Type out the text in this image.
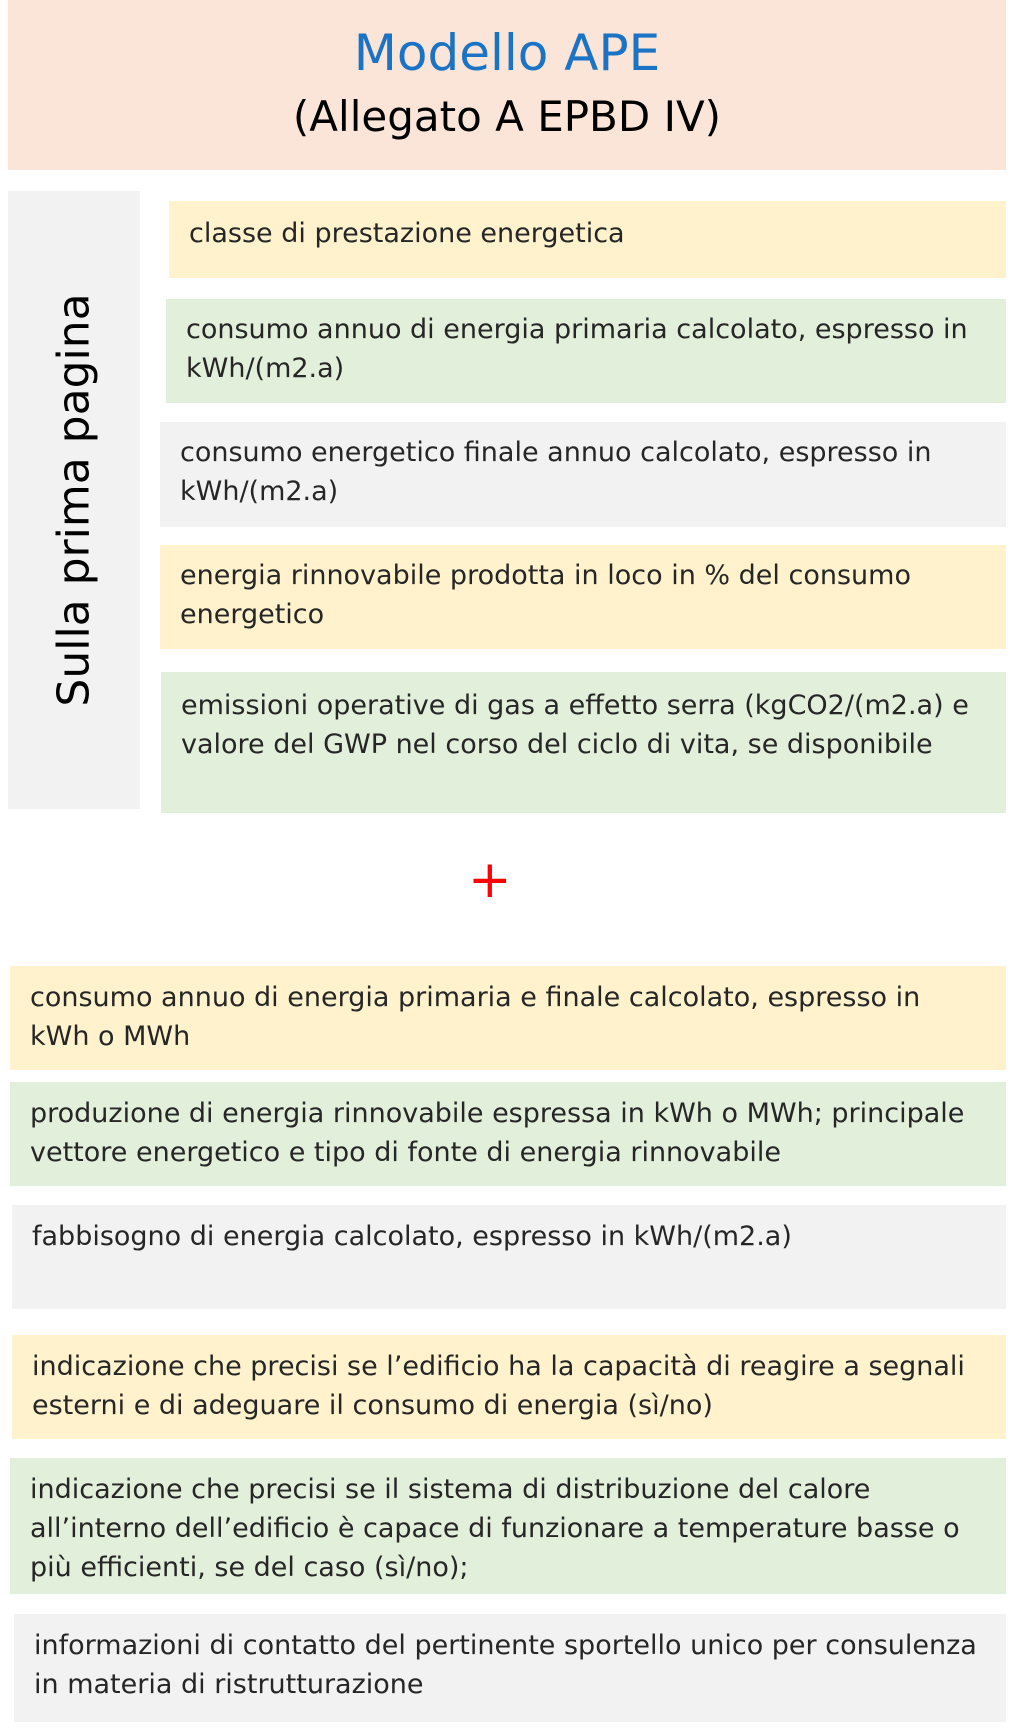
Modello APE
(Allegato A EPBD IV)
Sulla prima pagina
classe di prestazione energetica
consumo annuo di energia primaria calcolato, espresso in kWh/(m2.a)
consumo energetico finale annuo calcolato, espresso in kWh/(m2.a)
energia rinnovabile prodotta in loco in % del consumo energetico
emissioni operative di gas a effetto serra (kgCO2/(m2.a) e valore del GWP nel corso del ciclo di vita, se disponibile
+
consumo annuo di energia primaria e finale calcolato, espresso in kWh o MWh
produzione di energia rinnovabile espressa in kWh o MWh; principale vettore energetico e tipo di fonte di energia rinnovabile
fabbisogno di energia calcolato, espresso in kWh/(m2.a)
indicazione che precisi se l’edificio ha la capacità di reagire a segnali esterni e di adeguare il consumo di energia (sì/no)
indicazione che precisi se il sistema di distribuzione del calore all’interno dell’edificio è capace di funzionare a temperature basse o più efficienti, se del caso (sì/no);
informazioni di contatto del pertinente sportello unico per consulenza in materia di ristrutturazione
